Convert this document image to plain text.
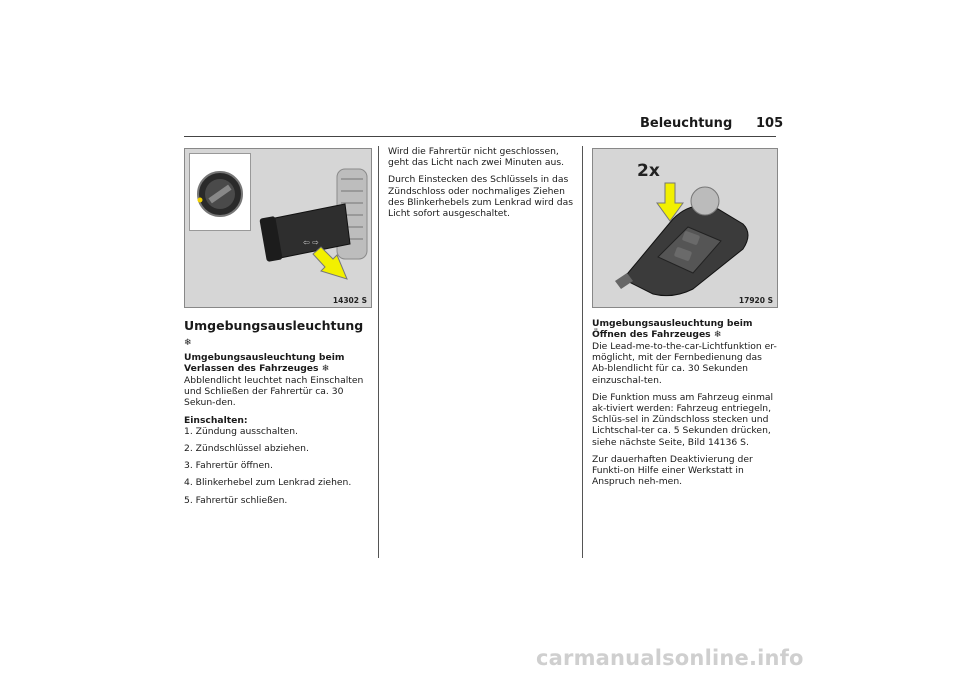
Beleuchtung 105
⇦ ⇨
14302 S
Umgebungsausleuchtung ❄
Umgebungsausleuchtung beim Verlassen des Fahrzeuges ❄

Abblendlicht leuchtet nach Einschalten und Schließen der Fahrertür ca. 30 Sekun-den.

Einschalten:

1. Zündung ausschalten.

2. Zündschlüssel abziehen.

3. Fahrertür öffnen.

4. Blinkerhebel zum Lenkrad ziehen.

5. Fahrertür schließen.

Wird die Fahrertür nicht geschlossen, geht das Licht nach zwei Minuten aus.

Durch Einstecken des Schlüssels in das Zündschloss oder nochmaliges Ziehen des Blinkerhebels zum Lenkrad wird das Licht sofort ausgeschaltet.

2x
17920 S
Umgebungsausleuchtung beim Öffnen des Fahrzeuges ❄

Die Lead-me-to-the-car-Lichtfunktion er-möglicht, mit der Fernbedienung das Ab-blendlicht für ca. 30 Sekunden einzuschal-ten.

Die Funktion muss am Fahrzeug einmal ak-tiviert werden: Fahrzeug entriegeln, Schlüs-sel in Zündschloss stecken und Lichtschal-ter ca. 5 Sekunden drücken, siehe nächste Seite, Bild 14136 S.

Zur dauerhaften Deaktivierung der Funkti-on Hilfe einer Werkstatt in Anspruch neh-men.

carmanualsonline.info
